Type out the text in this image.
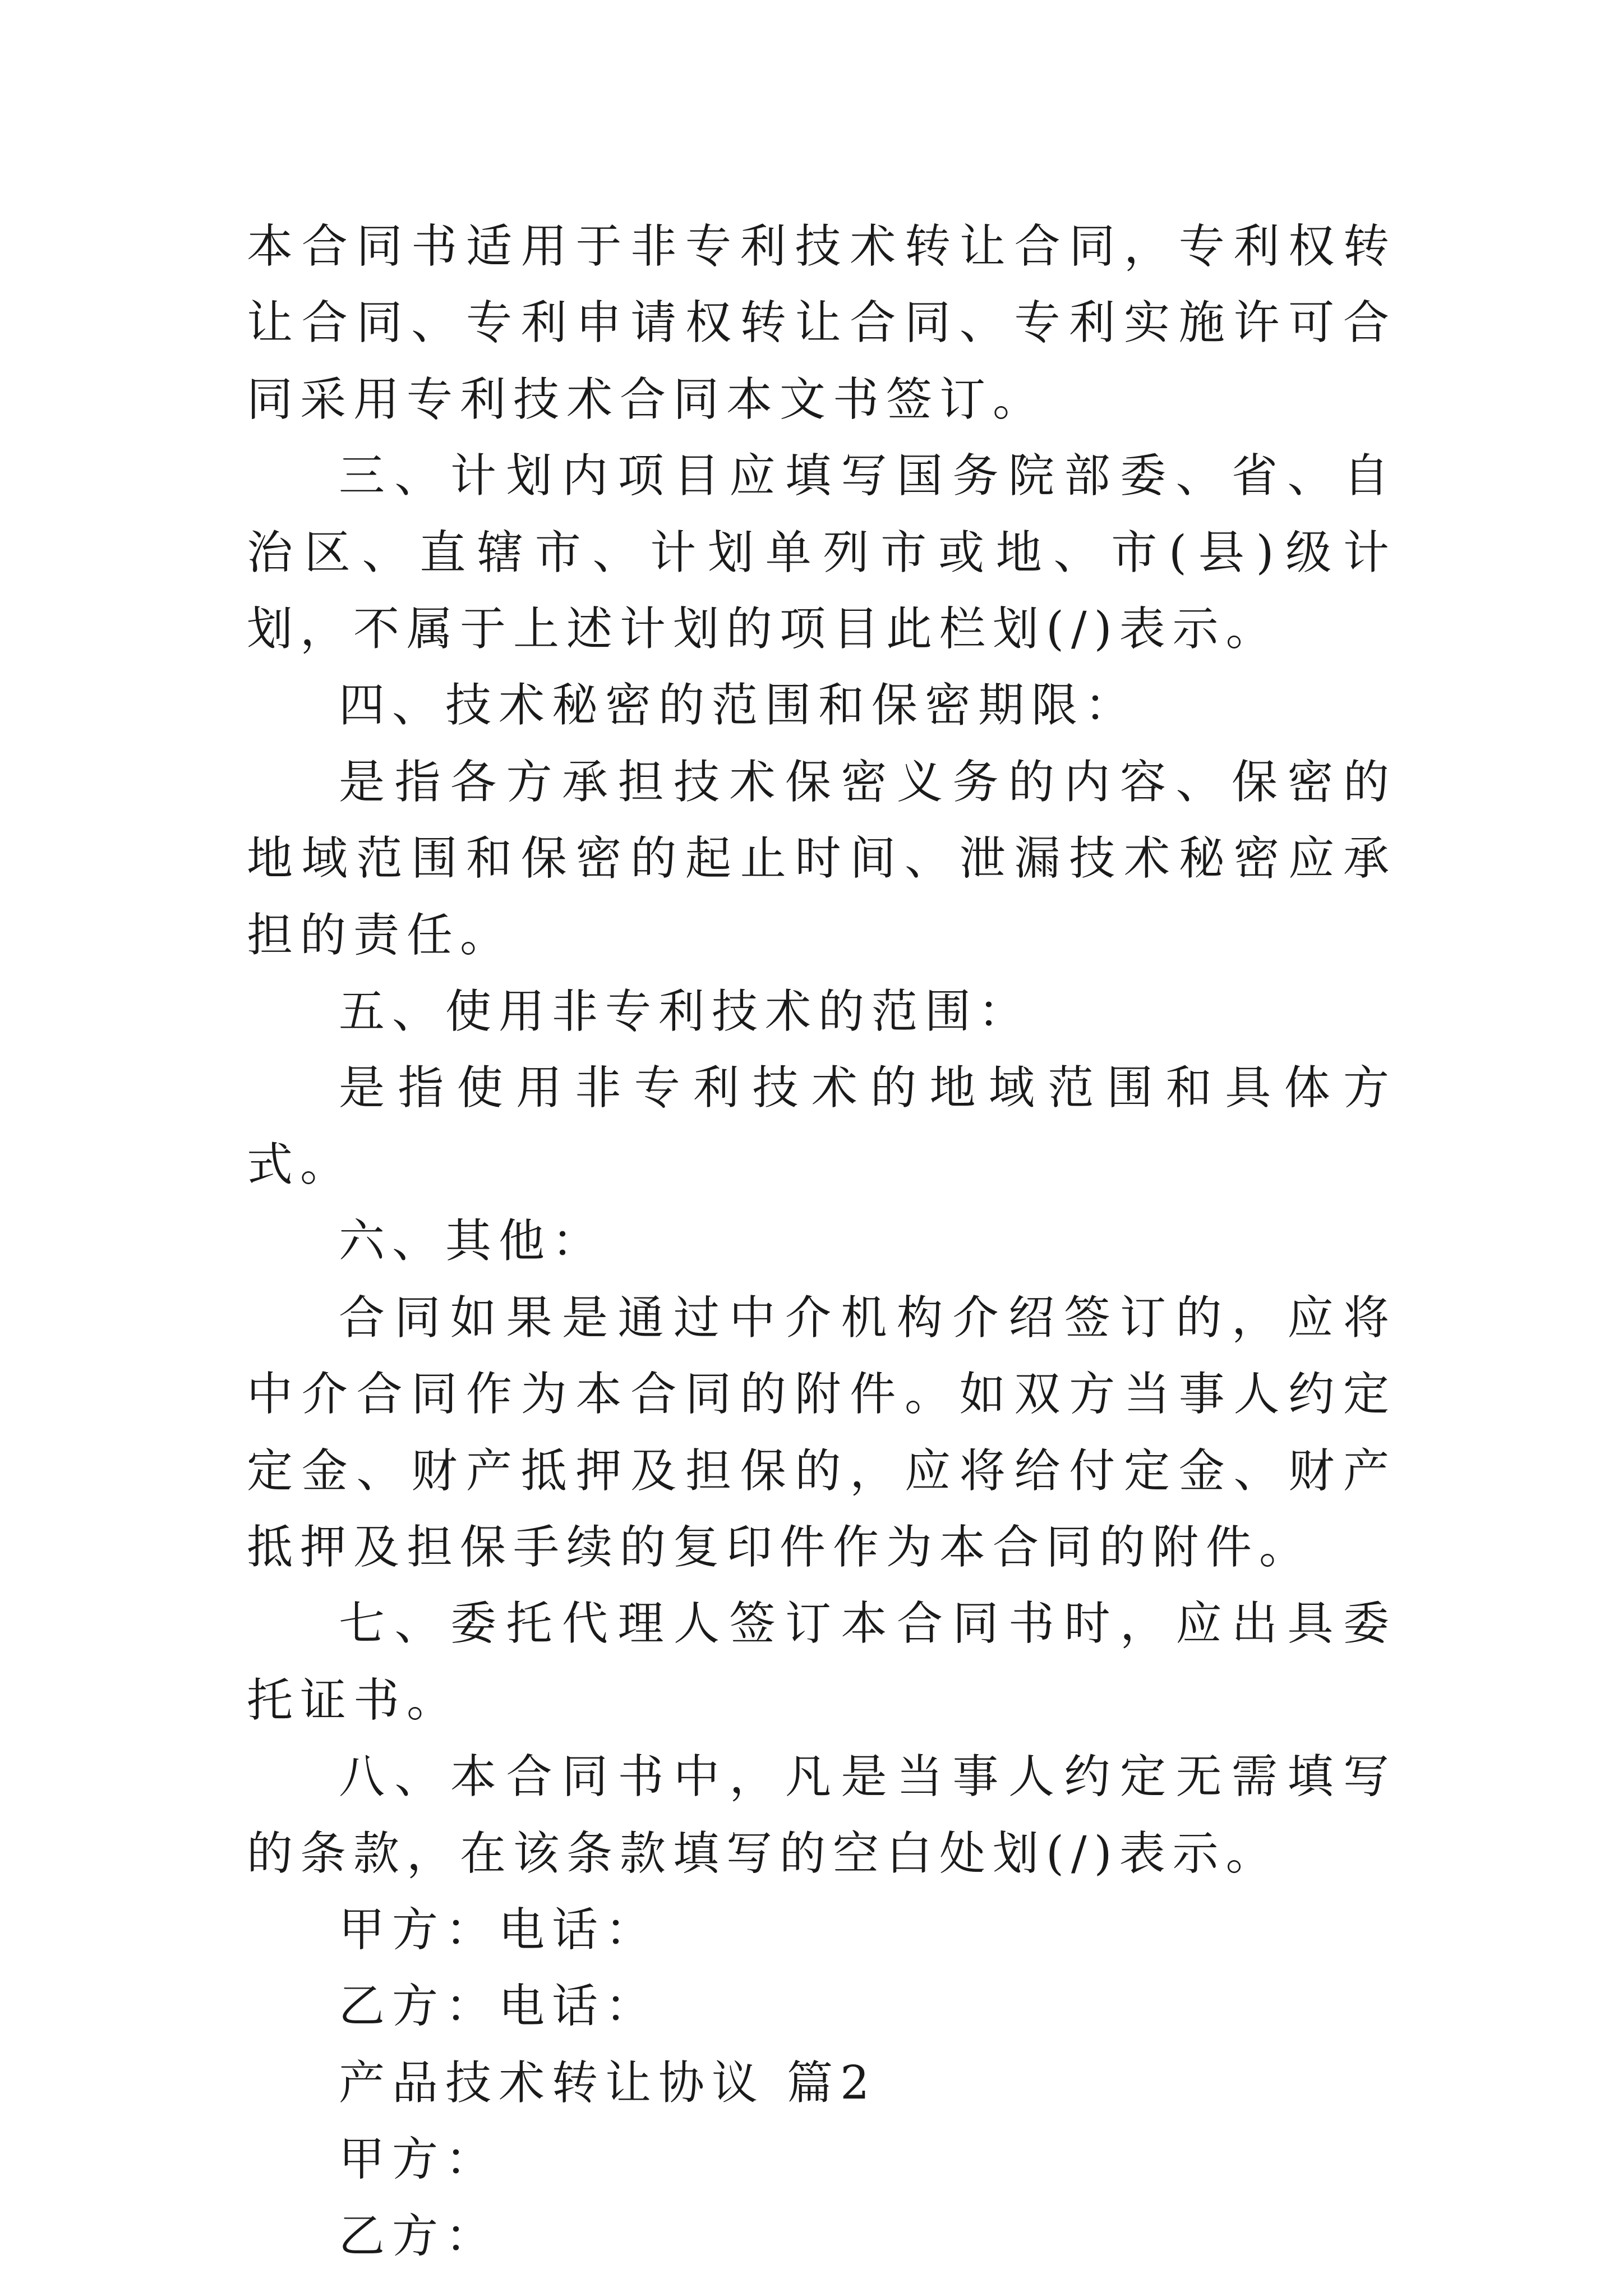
本合同书适用于非专利技术转让合同，专利权转让合同、专利申请权转让合同、专利实施许可合同采用专利技术合同本文书签订。

三、计划内项目应填写国务院部委、省、自治区、直辖市、计划单列市或地、市(县)级计划，不属于上述计划的项目此栏划(/)表示。

四、技术秘密的范围和保密期限：

是指各方承担技术保密义务的内容、保密的地域范围和保密的起止时间、泄漏技术秘密应承担的责任。

五、使用非专利技术的范围：

是指使用非专利技术的地域范围和具体方式。

六、其他：

合同如果是通过中介机构介绍签订的，应将中介合同作为本合同的附件。如双方当事人约定定金、财产抵押及担保的，应将给付定金、财产抵押及担保手续的复印件作为本合同的附件。

七、委托代理人签订本合同书时，应出具委托证书。

八、本合同书中，凡是当事人约定无需填写的条款，在该条款填写的空白处划(/)表示。

甲方：电话：

乙方：电话：

产品技术转让协议 篇2

甲方：

乙方：
